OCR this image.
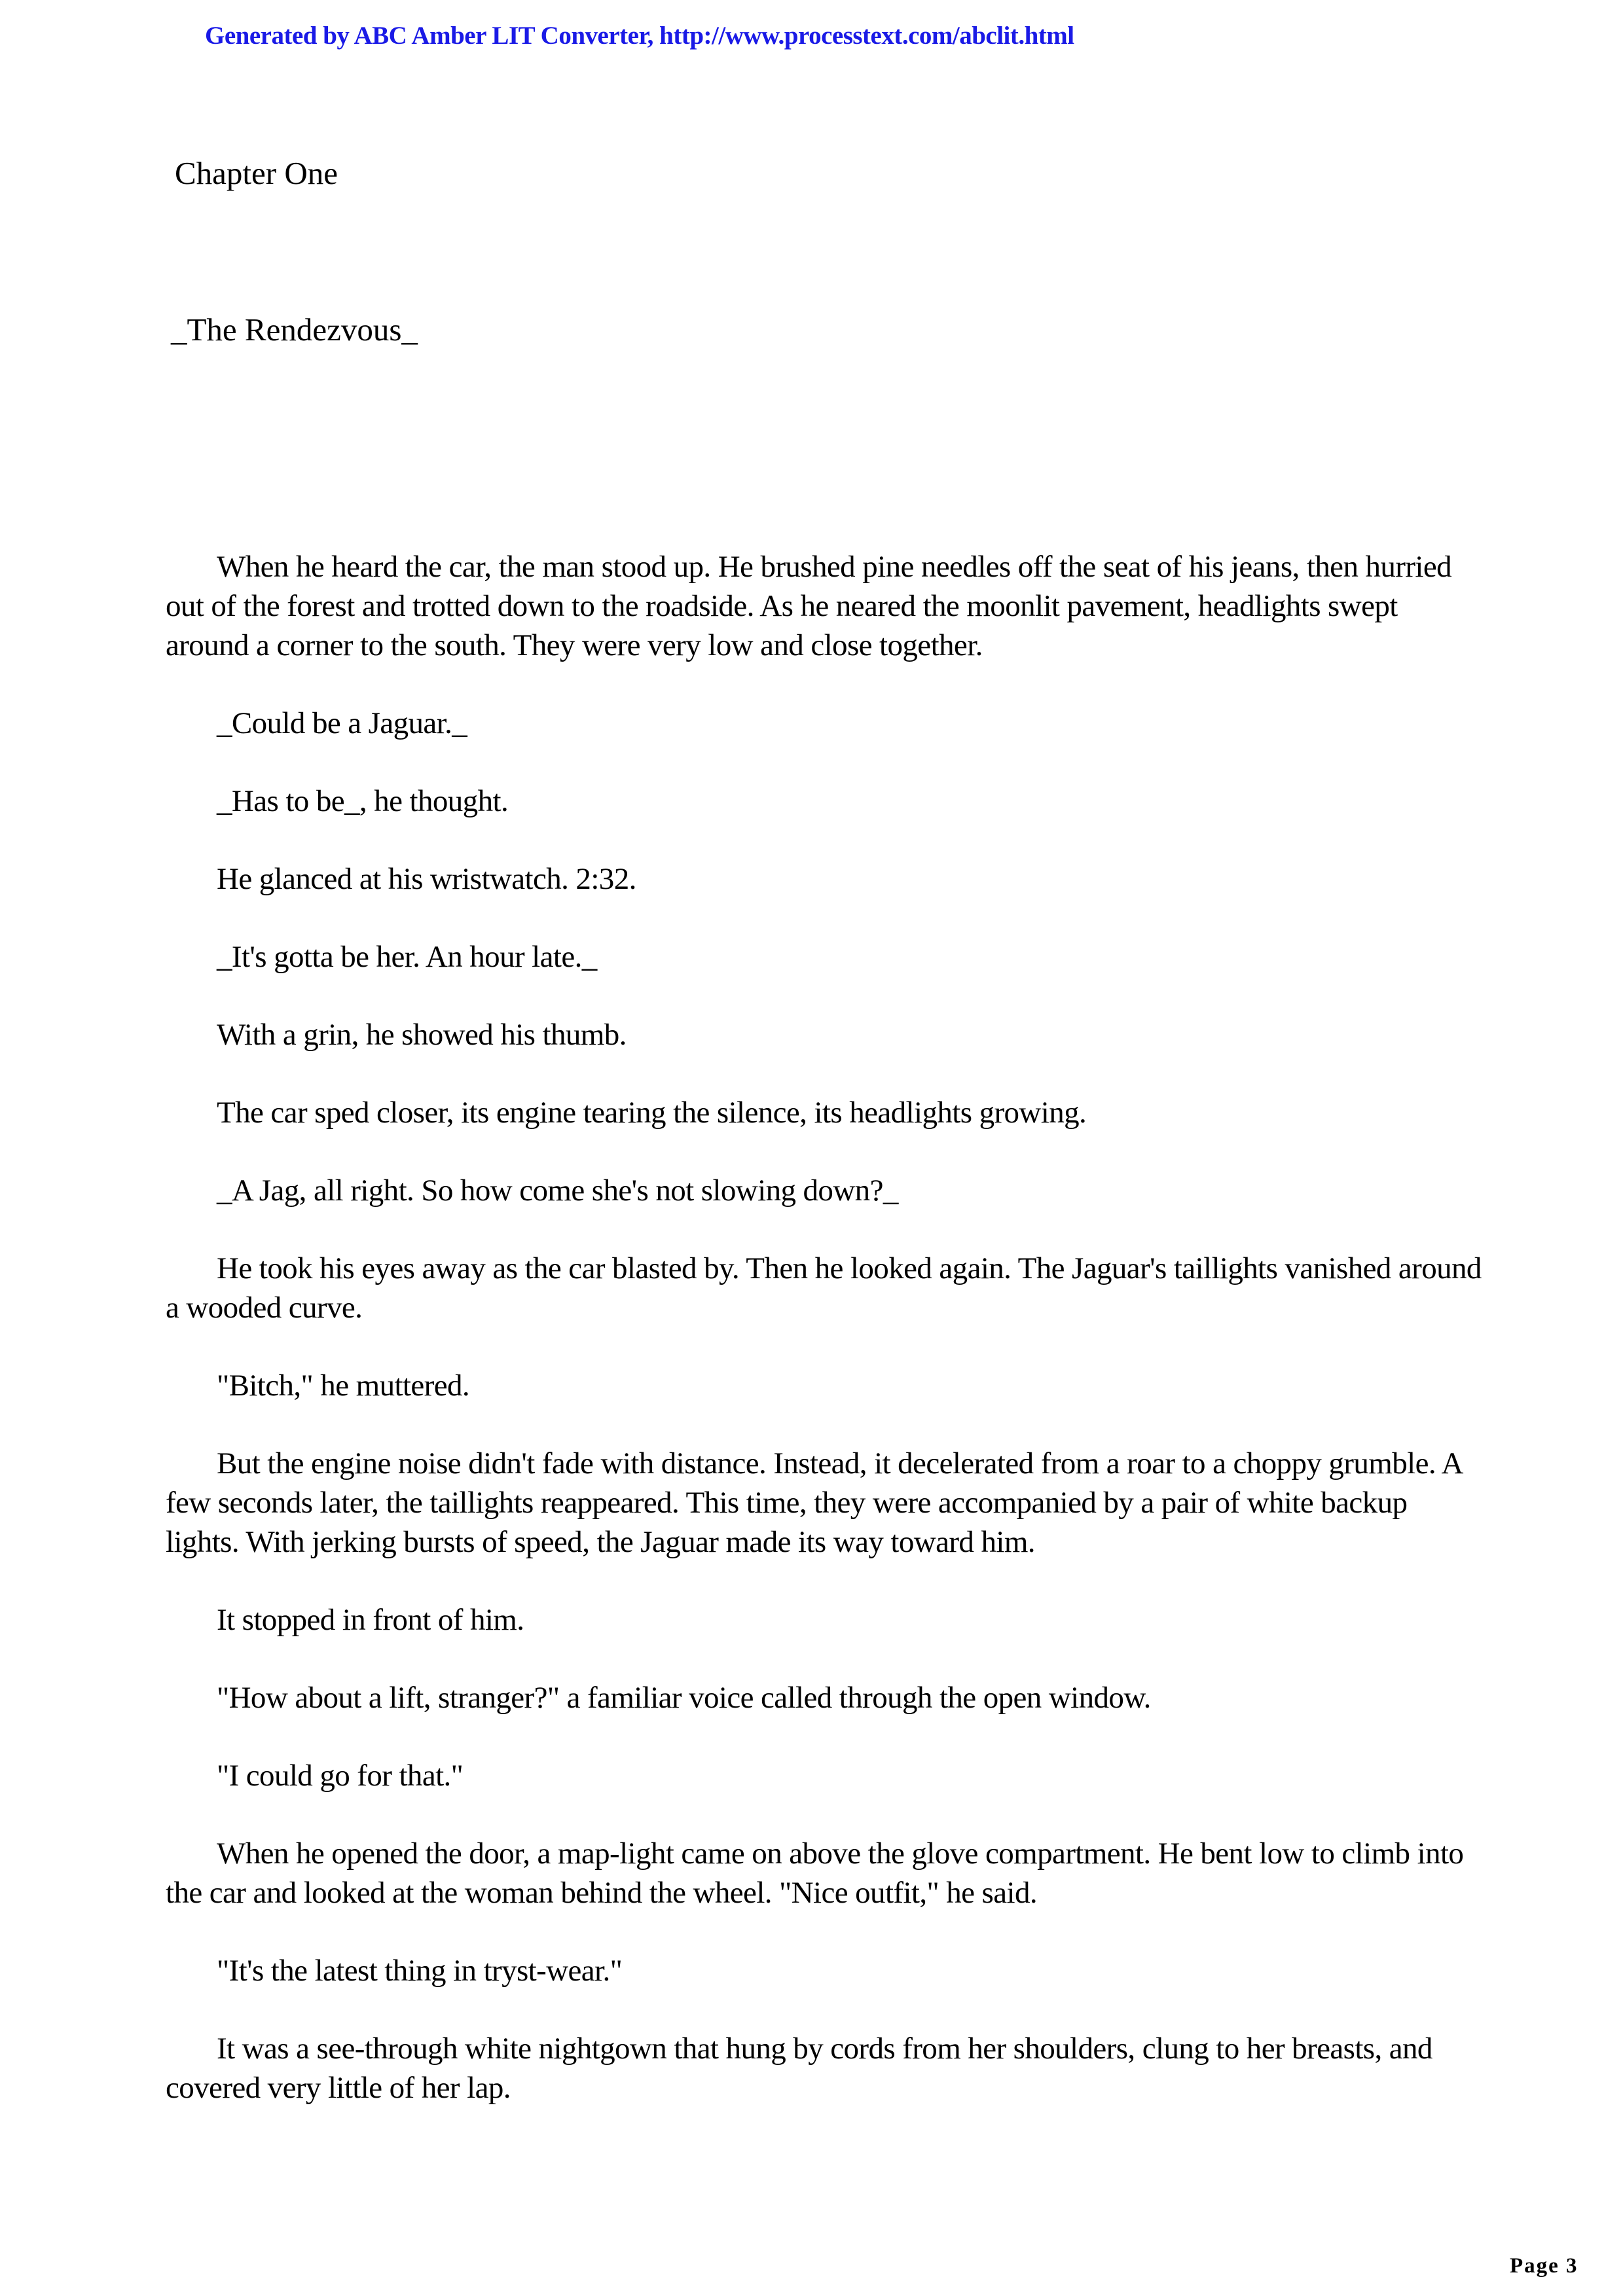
Generated by ABC Amber LIT Converter, http://www.processtext.com/abclit.html
Chapter One
_The Rendezvous_

When he heard the car, the man stood up. He brushed pine needles off the seat of his jeans, then hurried out of the forest and trotted down to the roadside. As he neared the moonlit pavement, headlights swept around a corner to the south. They were very low and close together.

_Could be a Jaguar._

_Has to be_, he thought.

He glanced at his wristwatch. 2:32.

_It's gotta be her. An hour late._

With a grin, he showed his thumb.

The car sped closer, its engine tearing the silence, its headlights growing.

_A Jag, all right. So how come she's not slowing down?_

He took his eyes away as the car blasted by. Then he looked again. The Jaguar's taillights vanished around a wooded curve.

"Bitch," he muttered.

But the engine noise didn't fade with distance. Instead, it decelerated from a roar to a choppy grumble. A few seconds later, the taillights reappeared. This time, they were accompanied by a pair of white backup lights. With jerking bursts of speed, the Jaguar made its way toward him.

It stopped in front of him.

"How about a lift, stranger?" a familiar voice called through the open window.

"I could go for that."

When he opened the door, a map-light came on above the glove compartment. He bent low to climb into the car and looked at the woman behind the wheel. "Nice outfit," he said.

"It's the latest thing in tryst-wear."

It was a see-through white nightgown that hung by cords from her shoulders, clung to her breasts, and covered very little of her lap.

Page 3
